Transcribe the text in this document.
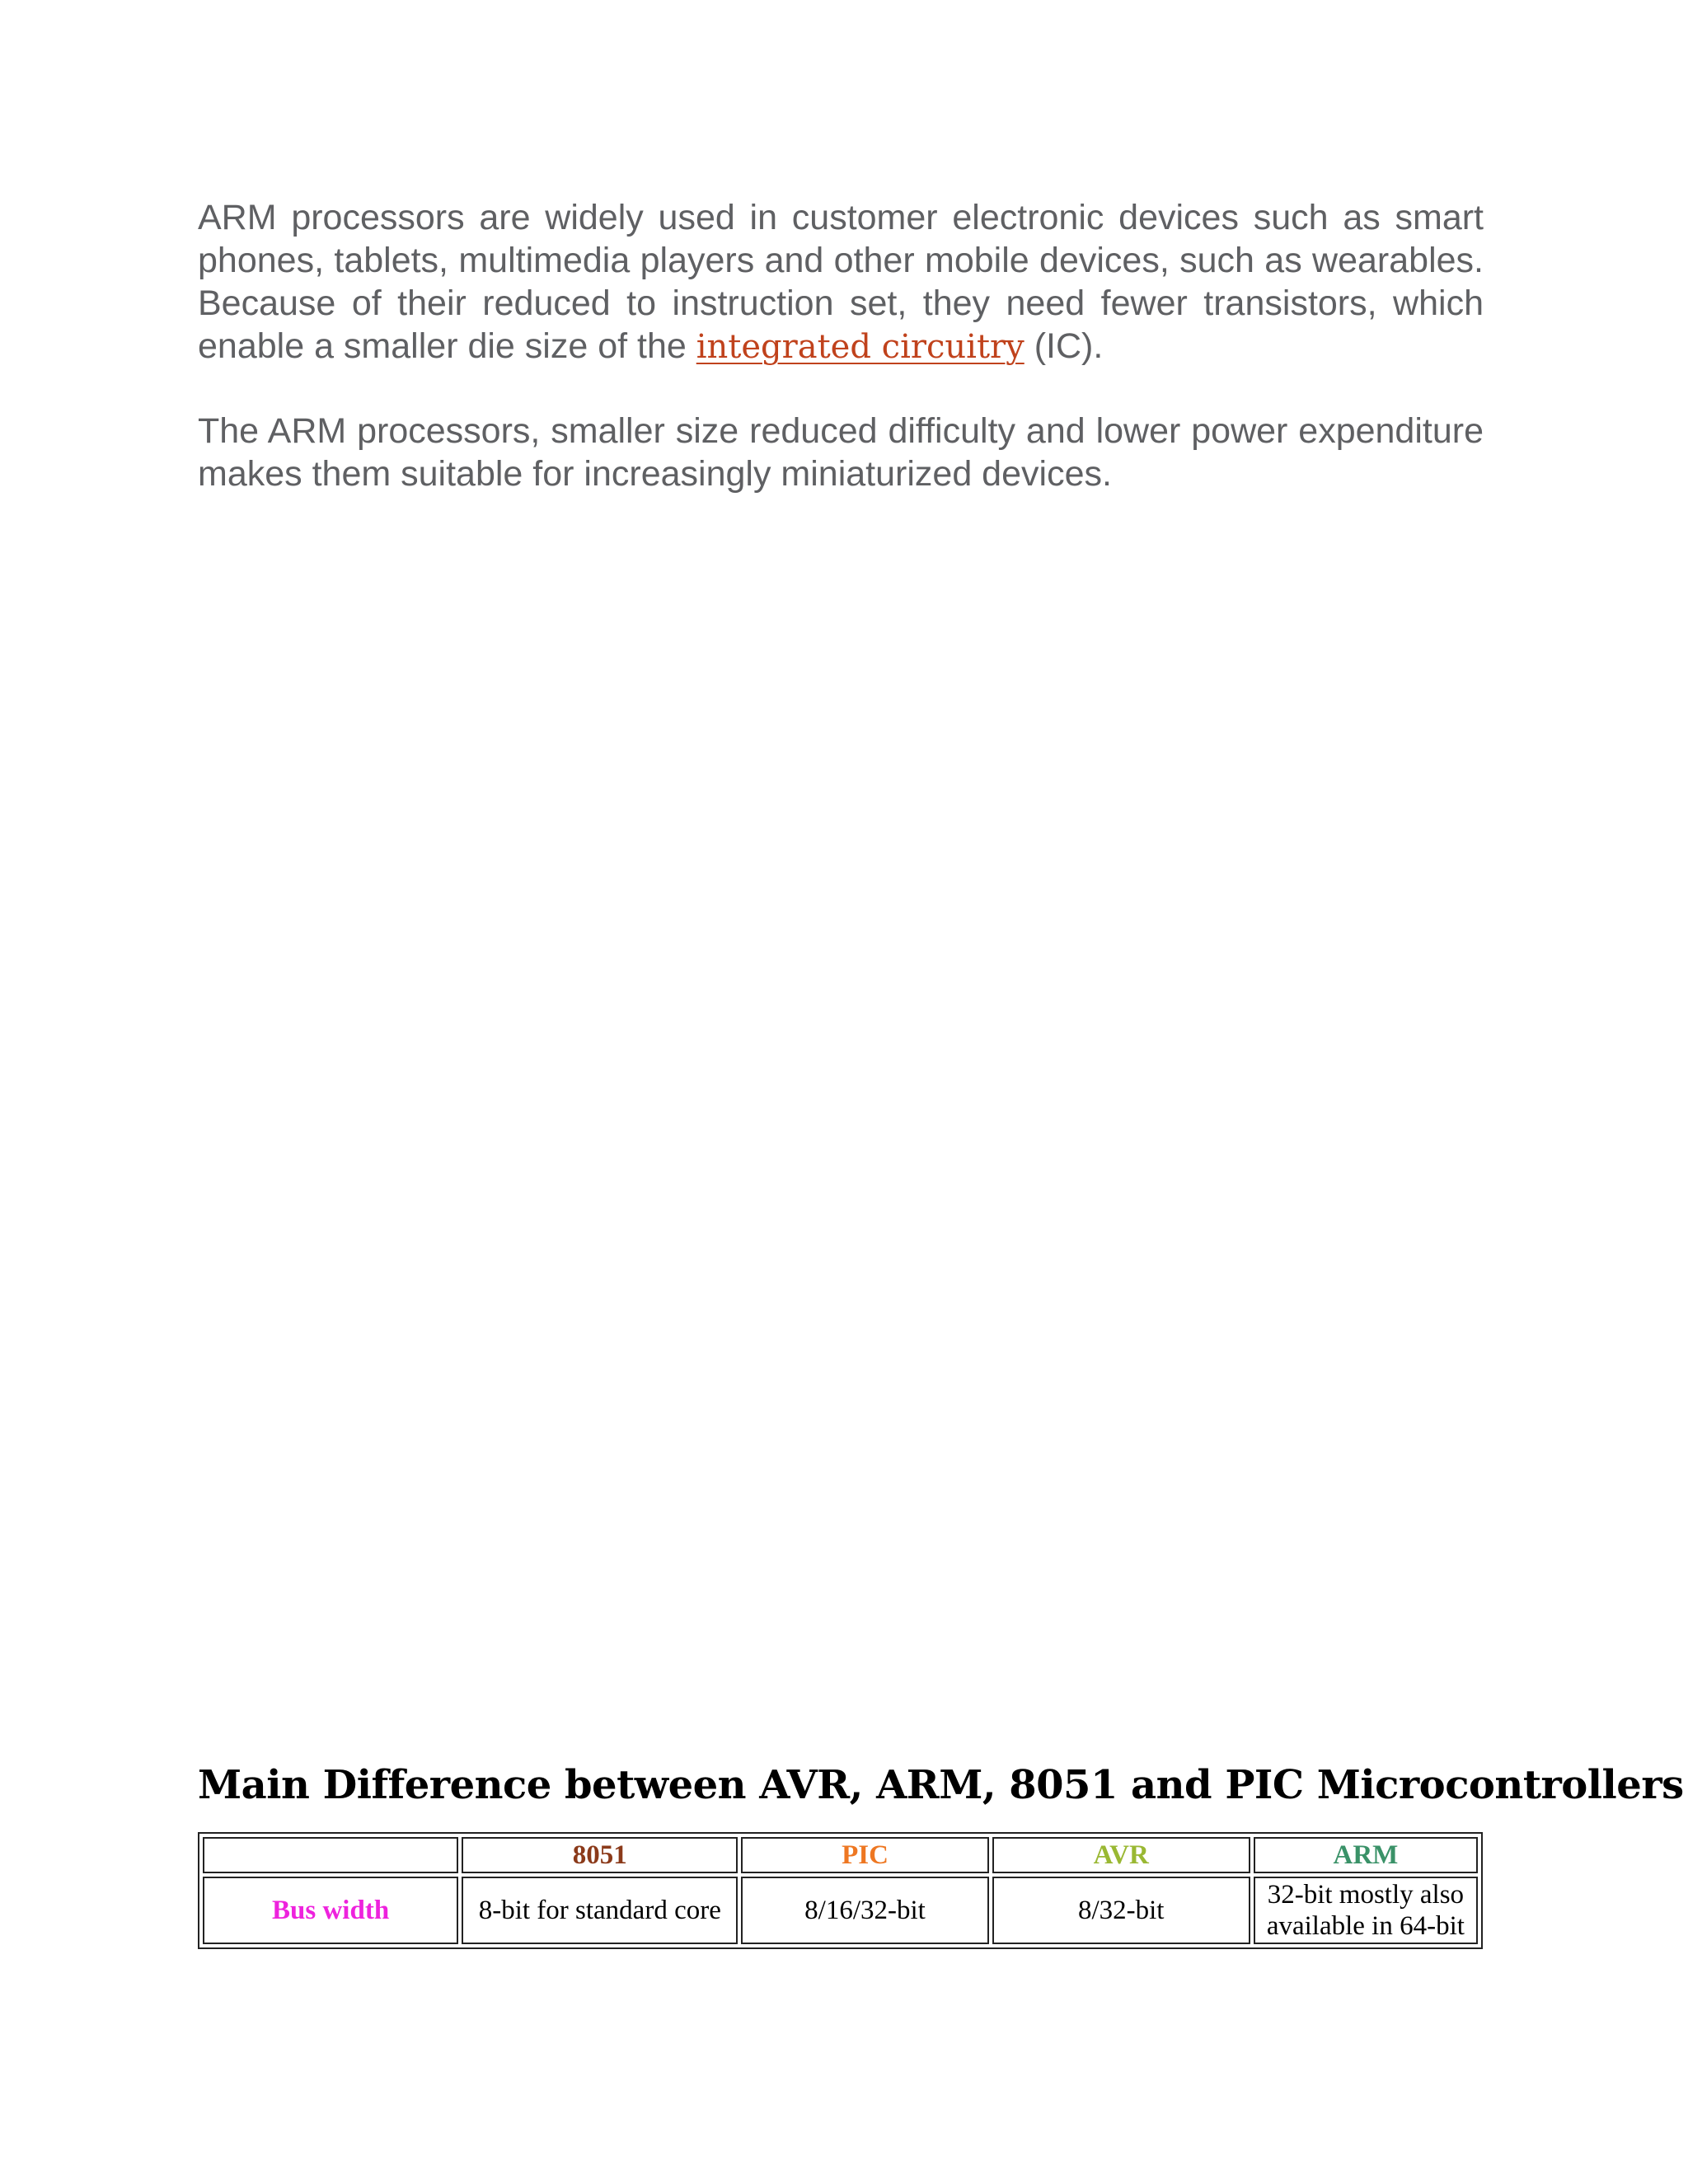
ARM processors are widely used in customer electronic devices such as smart phones, tablets, multimedia players and other mobile devices, such as wearables. Because of their reduced to instruction set, they need fewer transistors, which enable a smaller die size of the integrated circuitry (IC).

The ARM processors, smaller size reduced difficulty and lower power expenditure makes them suitable for increasingly miniaturized devices.

Main Difference between AVR, ARM, 8051 and PIC Microcontrollers
	8051	PIC	AVR	ARM
Bus width	8-bit for standard core	8/16/32-bit	8/32-bit	32-bit mostly also available in 64-bit
